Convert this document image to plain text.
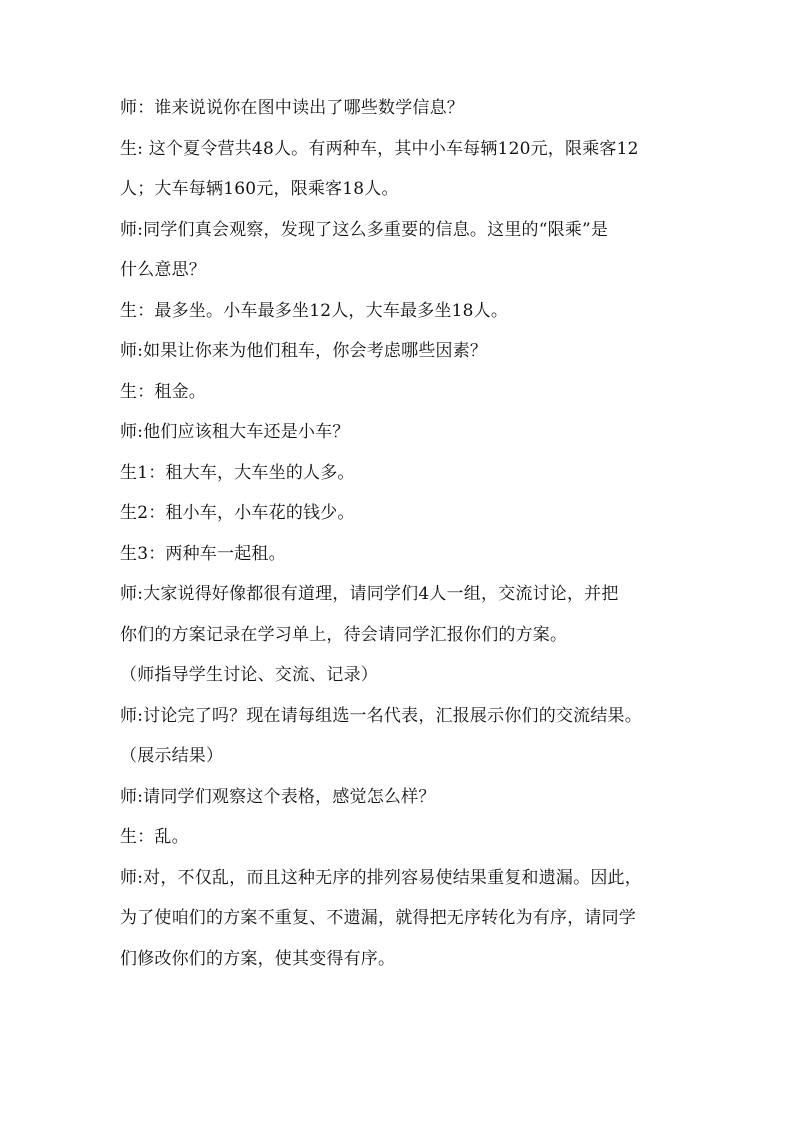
师：谁来说说你在图中读出了哪些数学信息？

生: 这个夏令营共48人。有两种车，其中小车每辆120元，限乘客12

人；大车每辆160元，限乘客18人。

师:同学们真会观察，发现了这么多重要的信息。这里的“限乘”是

什么意思？

生：最多坐。小车最多坐12人，大车最多坐18人。

师:如果让你来为他们租车，你会考虑哪些因素？

生：租金。

师:他们应该租大车还是小车？

生1：租大车，大车坐的人多。

生2：租小车，小车花的钱少。

生3：两种车一起租。

师:大家说得好像都很有道理，请同学们4人一组，交流讨论，并把

你们的方案记录在学习单上，待会请同学汇报你们的方案。

（师指导学生讨论、交流、记录）

师:讨论完了吗？现在请每组选一名代表，汇报展示你们的交流结果。

（展示结果）

师:请同学们观察这个表格，感觉怎么样？

生：乱。

师:对，不仅乱，而且这种无序的排列容易使结果重复和遗漏。因此，

为了使咱们的方案不重复、不遗漏，就得把无序转化为有序，请同学

们修改你们的方案，使其变得有序。
